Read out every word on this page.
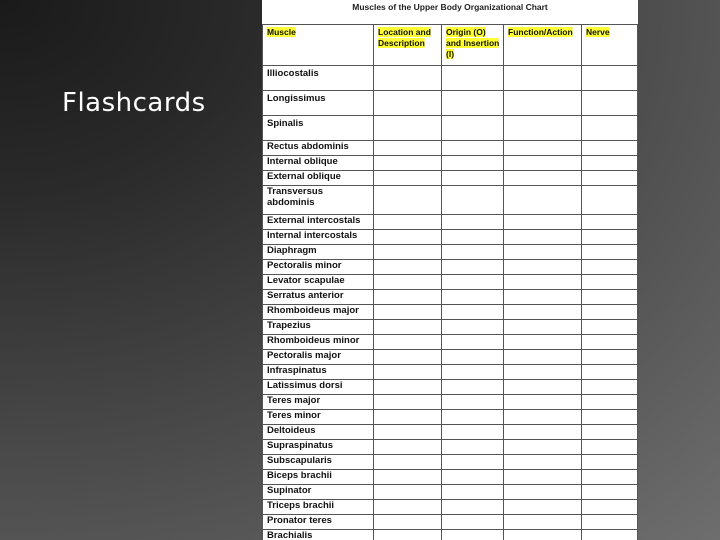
Flashcards
Muscles of the Upper Body Organizational Chart
Muscle	Location and Description	Origin (O) and Insertion (I)	Function/Action	Nerve
Illiocostalis				
Longissimus				
Spinalis				
Rectus abdominis				
Internal oblique				
External oblique				
Transversus abdominis				
External intercostals				
Internal intercostals				
Diaphragm				
Pectoralis minor				
Levator scapulae				
Serratus anterior				
Rhomboideus major				
Trapezius				
Rhomboideus minor				
Pectoralis major				
Infraspinatus				
Latissimus dorsi				
Teres major				
Teres minor				
Deltoideus				
Supraspinatus				
Subscapularis				
Biceps brachii				
Supinator				
Triceps brachii				
Pronator teres				
Brachialis				
